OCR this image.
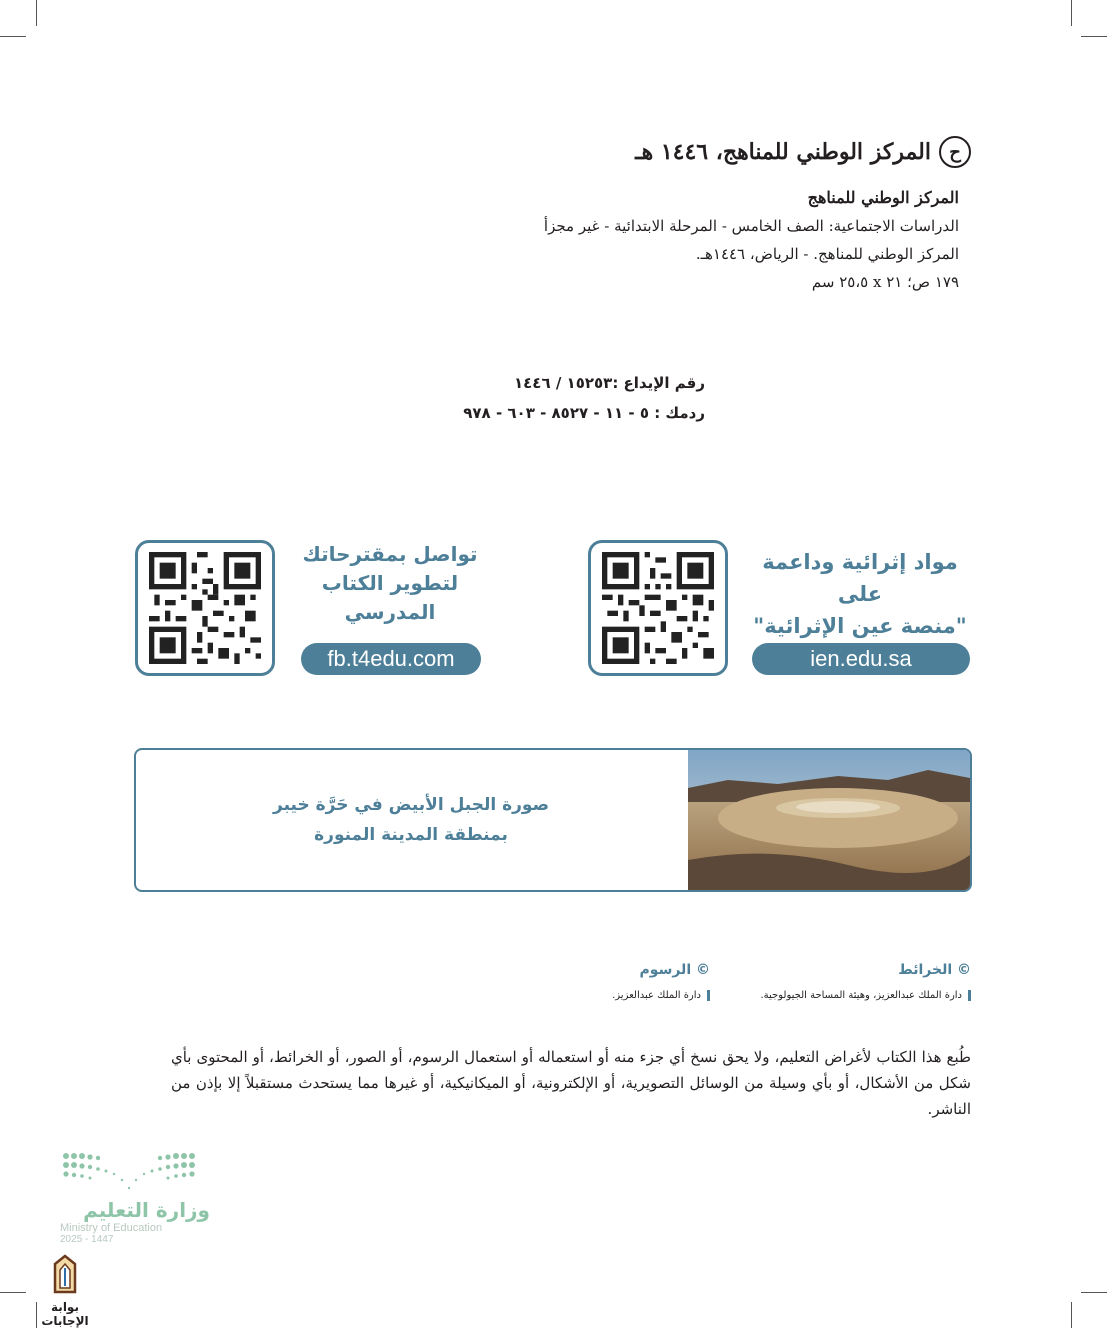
ح
المركز الوطني للمناهج، ١٤٤٦ هـ
المركز الوطني للمناهج
الدراسات الاجتماعية: الصف الخامس - المرحلة الابتدائية - غير مجزأ
المركز الوطني للمناهج. - الرياض، ١٤٤٦هـ.
١٧٩ ص؛ ٢١ x ٢٥،٥ سم
رقم الإيداع :١٥٢٥٣ / ١٤٤٦
ردمك : ٥ - ١١ - ٨٥٢٧ - ٦٠٣ - ٩٧٨
مواد إثرائية وداعمة على
"منصة عين الإثرائية"
ien.edu.sa
تواصل بمقترحاتك
لتطوير الكتاب
المدرسي
fb.t4edu.com
صورة الجبل الأبيض في حَرَّة خيبر
بمنطقة المدينة المنورة
© الخرائط
دارة الملك عبدالعزيز، وهيئة المساحة الجيولوجية.
© الرسوم
دارة الملك عبدالعزيز.
طُبع هذا الكتاب لأغراض التعليم، ولا يحق نسخ أي جزء منه أو استعماله أو استعمال الرسوم، أو الصور، أو الخرائط، أو المحتوى بأي شكل من الأشكال، أو بأي وسيلة من الوسائل التصويرية، أو الإلكترونية، أو الميكانيكية، أو غيرها مما يستحدث مستقبلاً إلا بإذن من الناشر.
وزارة التعليم
Ministry of Education
2025 - 1447
بوابة الإجابات
